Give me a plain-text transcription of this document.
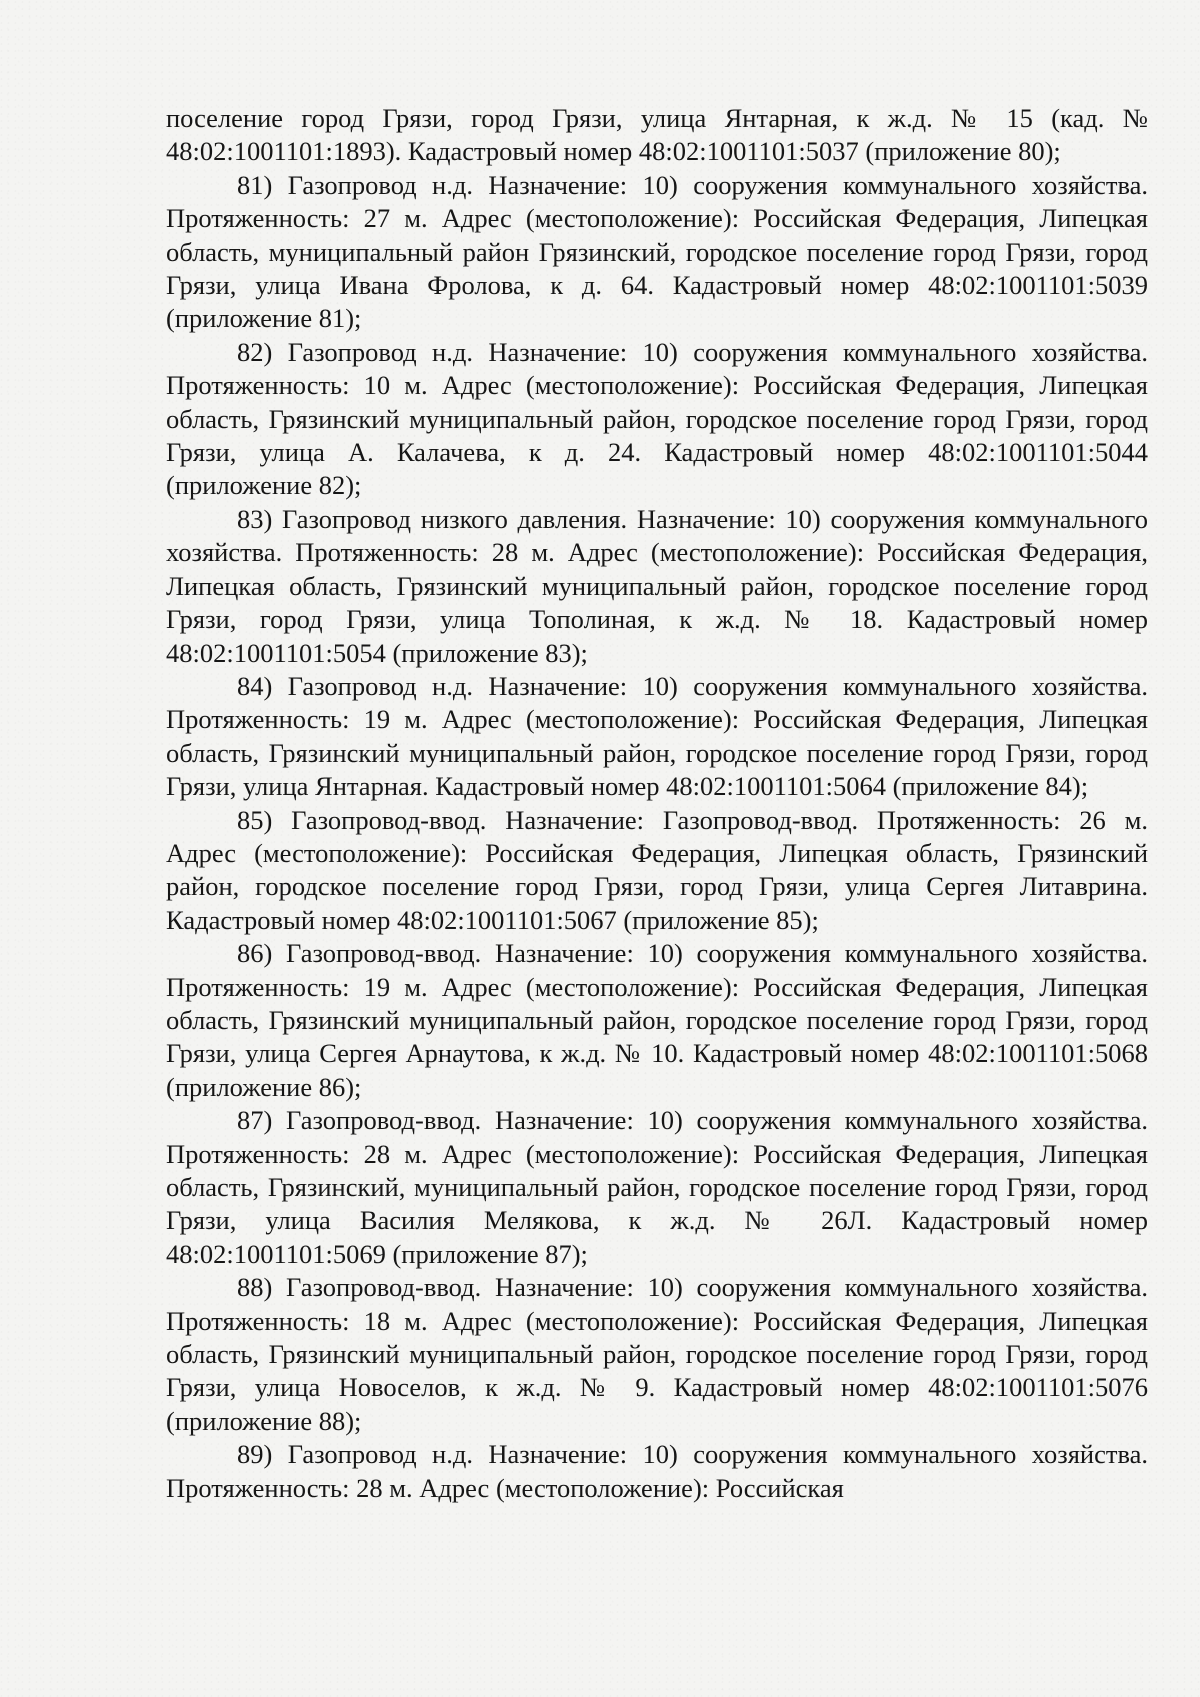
поселение город Грязи, город Грязи, улица Янтарная, к ж.д. № 15 (кад. № 48:02:1001101:1893). Кадастровый номер 48:02:1001101:5037 (приложение 80);

81) Газопровод н.д. Назначение: 10) сооружения коммунального хозяйства. Протяженность: 27 м. Адрес (местоположение): Российская Федерация, Липецкая область, муниципальный район Грязинский, городское поселение город Грязи, город Грязи, улица Ивана Фролова, к д. 64. Кадастровый номер 48:02:1001101:5039 (приложение 81);

82) Газопровод н.д. Назначение: 10) сооружения коммунального хозяйства. Протяженность: 10 м. Адрес (местоположение): Российская Федерация, Липецкая область, Грязинский муниципальный район, городское поселение город Грязи, город Грязи, улица А. Калачева, к д. 24. Кадастровый номер 48:02:1001101:5044 (приложение 82);

83) Газопровод низкого давления. Назначение: 10) сооружения коммунального хозяйства. Протяженность: 28 м. Адрес (местоположение): Российская Федерация, Липецкая область, Грязинский муниципальный район, городское поселение город Грязи, город Грязи, улица Тополиная, к ж.д. № 18. Кадастровый номер 48:02:1001101:5054 (приложение 83);

84) Газопровод н.д. Назначение: 10) сооружения коммунального хозяйства. Протяженность: 19 м. Адрес (местоположение): Российская Федерация, Липецкая область, Грязинский муниципальный район, городское поселение город Грязи, город Грязи, улица Янтарная. Кадастровый номер 48:02:1001101:5064 (приложение 84);

85) Газопровод-ввод. Назначение: Газопровод-ввод. Протяженность: 26 м. Адрес (местоположение): Российская Федерация, Липецкая область, Грязинский район, городское поселение город Грязи, город Грязи, улица Сергея Литаврина. Кадастровый номер 48:02:1001101:5067 (приложение 85);

86) Газопровод-ввод. Назначение: 10) сооружения коммунального хозяйства. Протяженность: 19 м. Адрес (местоположение): Российская Федерация, Липецкая область, Грязинский муниципальный район, городское поселение город Грязи, город Грязи, улица Сергея Арнаутова, к ж.д. № 10. Кадастровый номер 48:02:1001101:5068 (приложение 86);

87) Газопровод-ввод. Назначение: 10) сооружения коммунального хозяйства. Протяженность: 28 м. Адрес (местоположение): Российская Федерация, Липецкая область, Грязинский, муниципальный район, городское поселение город Грязи, город Грязи, улица Василия Мелякова, к ж.д. № 26Л. Кадастровый номер 48:02:1001101:5069 (приложение 87);

88) Газопровод-ввод. Назначение: 10) сооружения коммунального хозяйства. Протяженность: 18 м. Адрес (местоположение): Российская Федерация, Липецкая область, Грязинский муниципальный район, городское поселение город Грязи, город Грязи, улица Новоселов, к ж.д. № 9. Кадастровый номер 48:02:1001101:5076 (приложение 88);

89) Газопровод н.д. Назначение: 10) сооружения коммунального хозяйства. Протяженность: 28 м. Адрес (местоположение): Российская
